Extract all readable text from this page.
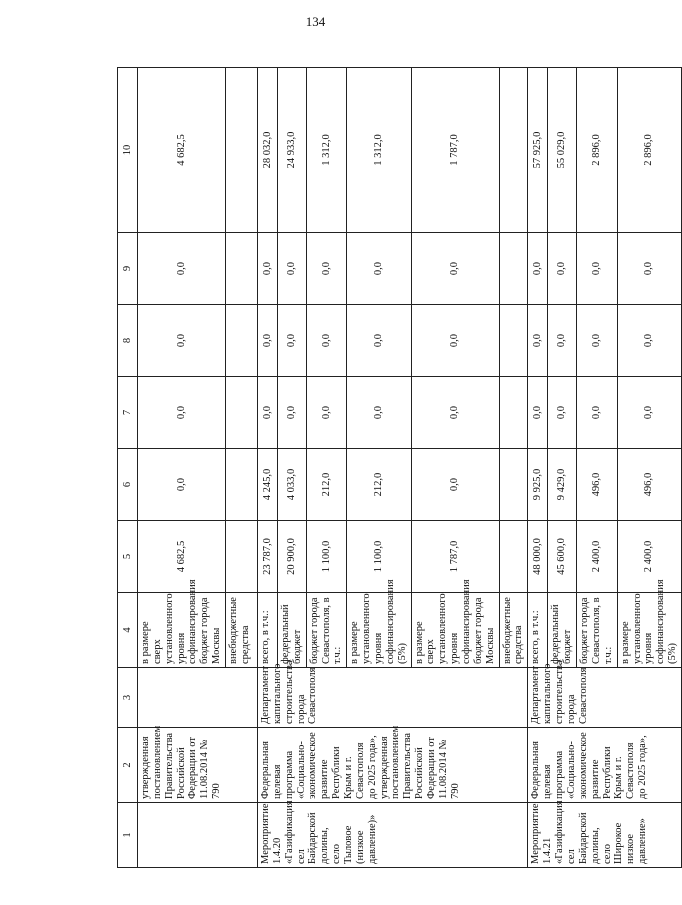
134
1	2	3	4	5	6	7	8	9	10
	утвержденная постановлением Правительства Российской Федерации от 11.08.2014 № 790		в размере сверх установленного уровня софинансирования бюджет города Москвы	4 682,5	0,0	0,0	0,0	0,0	4 682,5
			внебюджетные средства						
Мероприятие 1.4.20 «Газификация сел Байдарской долины, село Тыловое (низкое давление)»	Федеральная целевая программа «Социально-экономическое развитие Республики Крым и г. Севастополя до 2025 года», утвержденная постановлением Правительства Российской Федерации от 11.08.2014 № 790	Департамент капитального строительства города Севастополя	всего, в т.ч.:	23 787,0	4 245,0	0,0	0,0	0,0	28 032,0
			федеральный бюджет	20 900,0	4 033,0	0,0	0,0	0,0	24 933,0
			бюджет города Севастополя, в т.ч.:	1 100,0	212,0	0,0	0,0	0,0	1 312,0
			в размере установленного уровня софинансирования (5%)	1 100,0	212,0	0,0	0,0	0,0	1 312,0
			в размере сверх установленного уровня софинансирования бюджет города Москвы	1 787,0	0,0	0,0	0,0	0,0	1 787,0
			внебюджетные средства						
Мероприятие 1.4.21 «Газификация сел Байдарской долины, село Широкое низкое давление»	Федеральная целевая программа «Социально-экономическое развитие Республики Крым и г. Севастополя до 2025 года»,	Департамент капитального строительства города Севастополя	всего, в т.ч.:	48 000,0	9 925,0	0,0	0,0	0,0	57 925,0
			федеральный бюджет	45 600,0	9 429,0	0,0	0,0	0,0	55 029,0
			бюджет города Севастополя, в т.ч.:	2 400,0	496,0	0,0	0,0	0,0	2 896,0
			в размере установленного уровня софинансирования (5%)	2 400,0	496,0	0,0	0,0	0,0	2 896,0
